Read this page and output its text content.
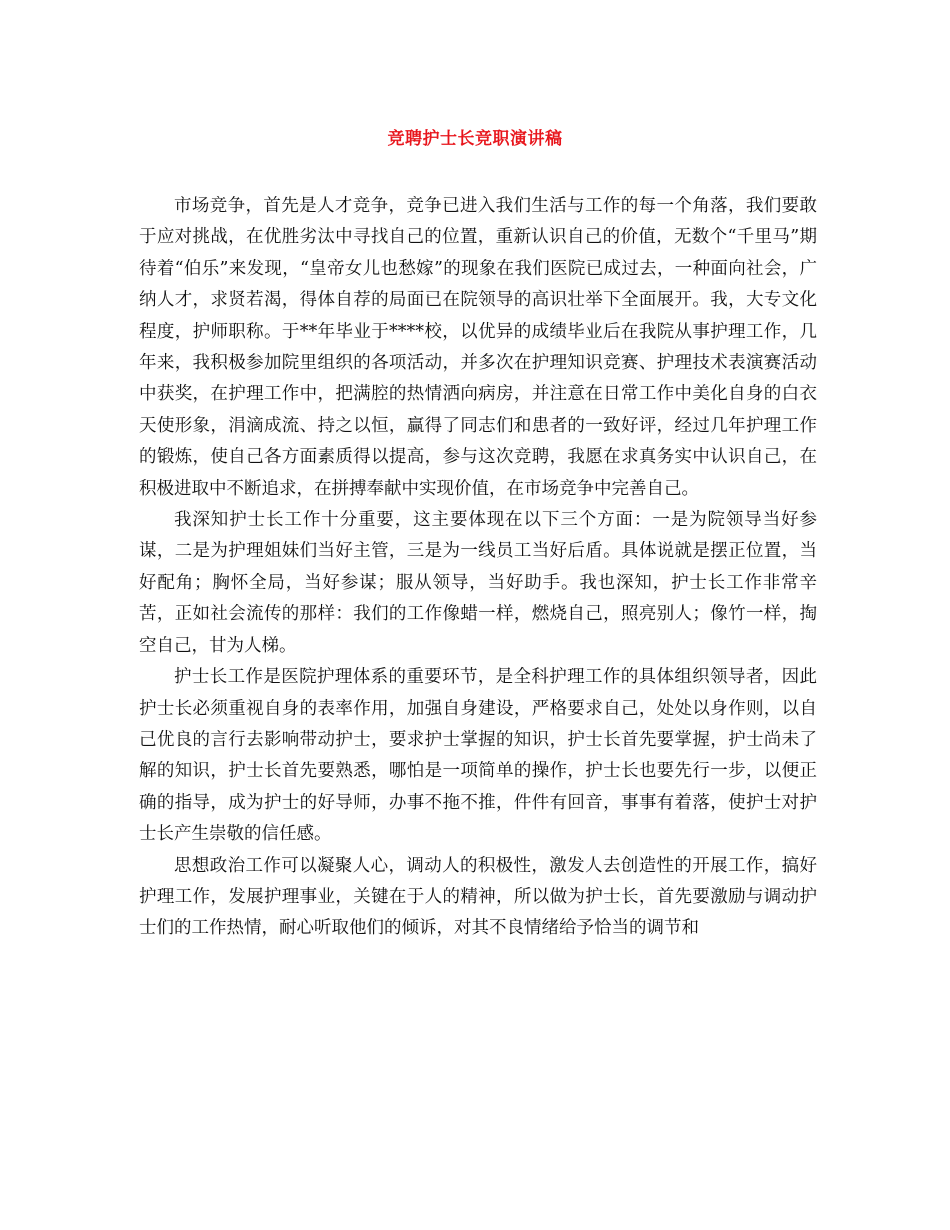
竞聘护士长竞职演讲稿

市场竞争，首先是人才竞争，竞争已进入我们生活与工作的每一个角落，我们要敢于应对挑战，在优胜劣汰中寻找自己的位置，重新认识自己的价值，无数个“千里马”期待着“伯乐”来发现，“皇帝女儿也愁嫁”的现象在我们医院已成过去，一种面向社会，广纳人才，求贤若渴，得体自荐的局面已在院领导的高识壮举下全面展开。我，大专文化程度，护师职称。于**年毕业于****校，以优异的成绩毕业后在我院从事护理工作，几年来，我积极参加院里组织的各项活动，并多次在护理知识竞赛、护理技术表演赛活动中获奖，在护理工作中，把满腔的热情洒向病房，并注意在日常工作中美化自身的白衣天使形象，涓滴成流、持之以恒，赢得了同志们和患者的一致好评，经过几年护理工作的锻炼，使自己各方面素质得以提高，参与这次竞聘，我愿在求真务实中认识自己，在积极进取中不断追求，在拼搏奉献中实现价值，在市场竞争中完善自己。

我深知护士长工作十分重要，这主要体现在以下三个方面：一是为院领导当好参谋，二是为护理姐妹们当好主管，三是为一线员工当好后盾。具体说就是摆正位置，当好配角；胸怀全局，当好参谋；服从领导，当好助手。我也深知，护士长工作非常辛苦，正如社会流传的那样：我们的工作像蜡一样，燃烧自己，照亮别人；像竹一样，掏空自己，甘为人梯。

护士长工作是医院护理体系的重要环节，是全科护理工作的具体组织领导者，因此护士长必须重视自身的表率作用，加强自身建设，严格要求自己，处处以身作则，以自己优良的言行去影响带动护士，要求护士掌握的知识，护士长首先要掌握，护士尚未了解的知识，护士长首先要熟悉，哪怕是一项简单的操作，护士长也要先行一步，以便正确的指导，成为护士的好导师，办事不拖不推，件件有回音，事事有着落，使护士对护士长产生崇敬的信任感。

思想政治工作可以凝聚人心，调动人的积极性，激发人去创造性的开展工作，搞好护理工作，发展护理事业，关键在于人的精神，所以做为护士长，首先要激励与调动护士们的工作热情，耐心听取他们的倾诉，对其不良情绪给予恰当的调节和
